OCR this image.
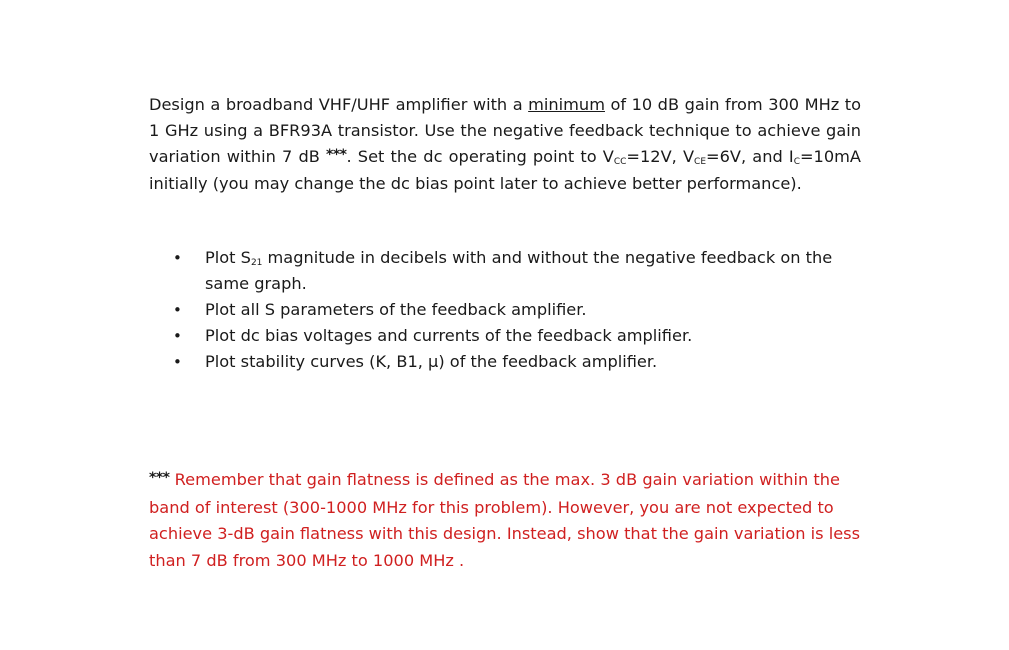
Design a broadband VHF/UHF amplifier with a minimum of 10 dB gain from 300 MHz to 1 GHz using a BFR93A transistor. Use the negative feedback technique to achieve gain variation within 7 dB ***. Set the dc operating point to $V_{CC}=12V$, $V_{CE}=6V$, and $I_C=10mA$ initially (you may change the dc bias point later to achieve better performance).

• Plot $S_{21}$ magnitude in decibels with and without the negative feedback on the same graph.
• Plot all S parameters of the feedback amplifier.
• Plot dc bias voltages and currents of the feedback amplifier.
• Plot stability curves (K, B1, μ) of the feedback amplifier.

*** Remember that gain flatness is defined as the max. 3 dB gain variation within the band of interest (300-1000 MHz for this problem). However, you are not expected to achieve 3-dB gain flatness with this design. Instead, show that the gain variation is less than 7 dB from 300 MHz to 1000 MHz .
